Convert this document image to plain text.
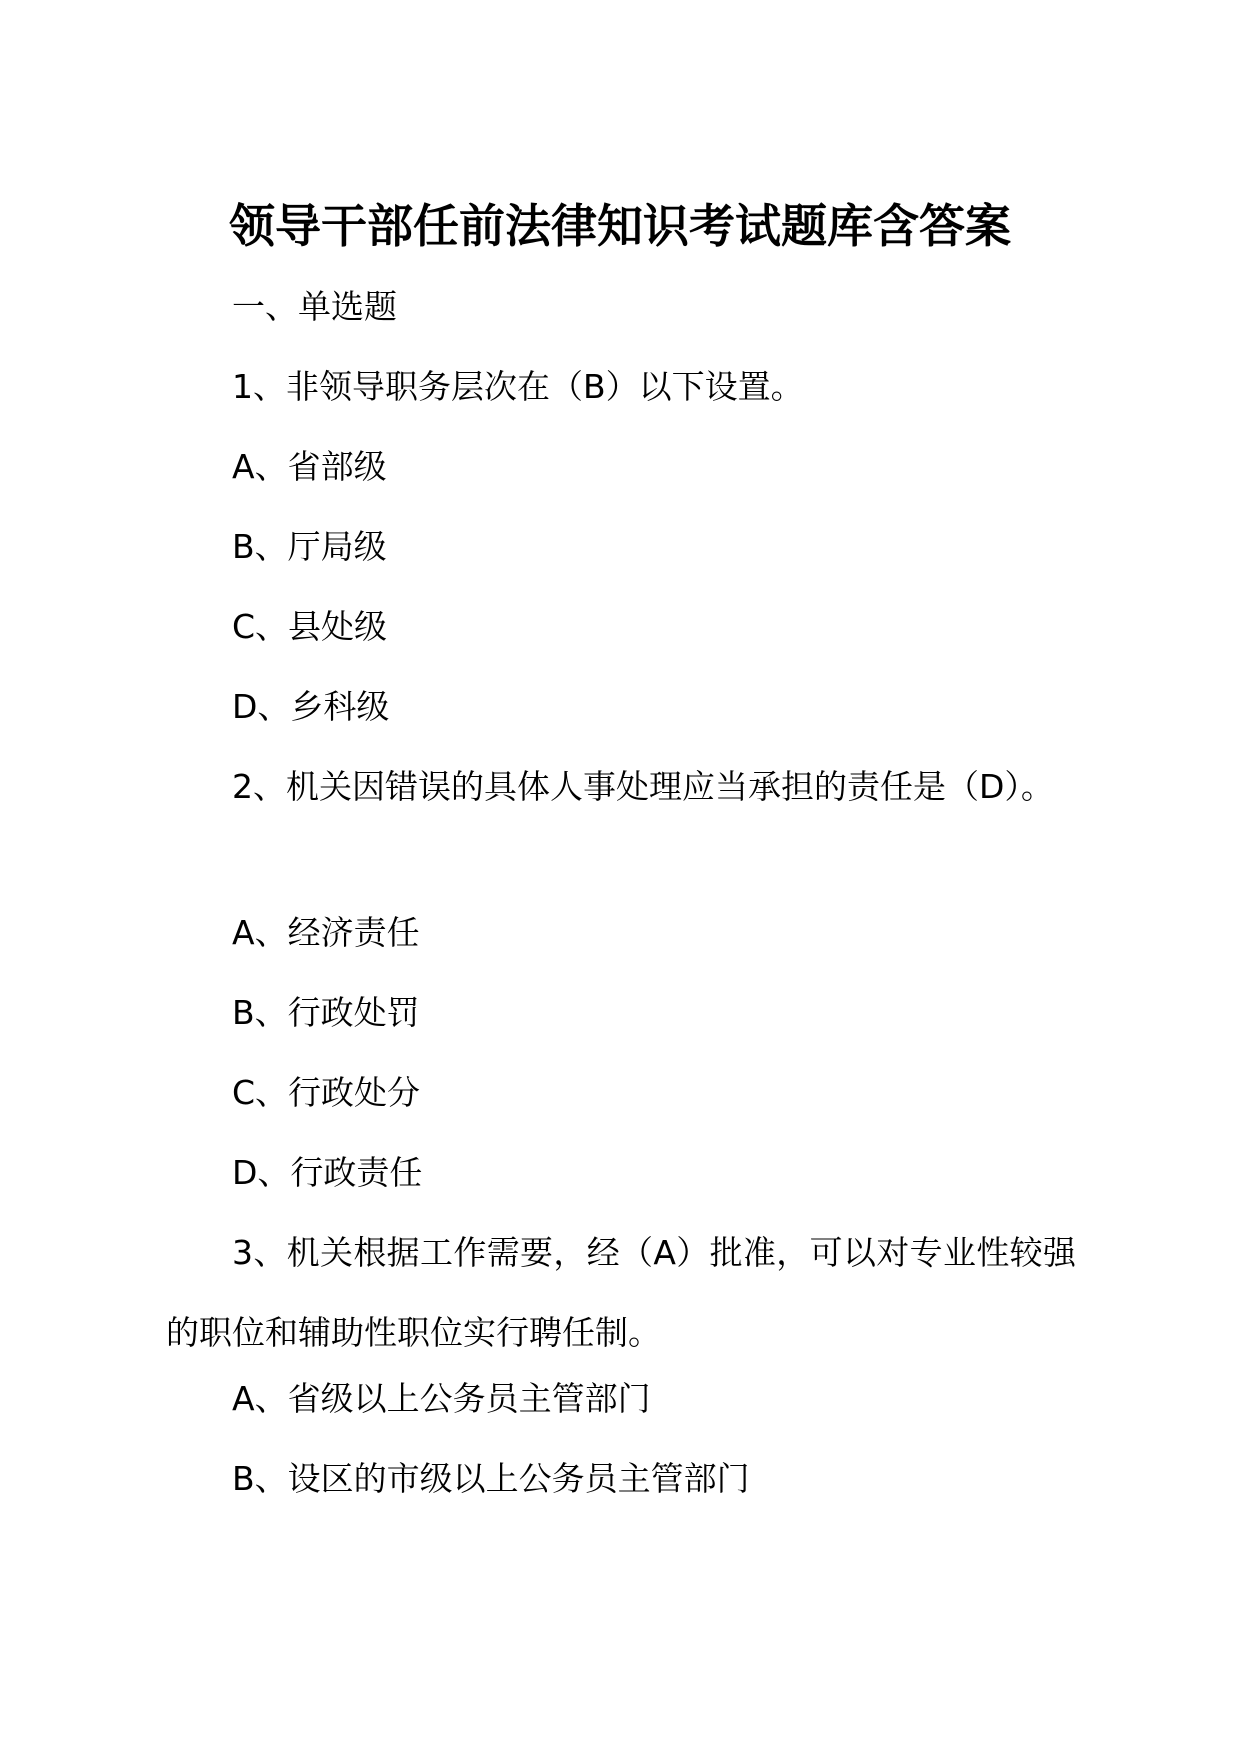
领导干部任前法律知识考试题库含答案
一、单选题
1、非领导职务层次在（B）以下设置。
A、省部级
B、厅局级
C、县处级
D、乡科级
2、机关因错误的具体人事处理应当承担的责任是（D）。
A、经济责任
B、行政处罚
C、行政处分
D、行政责任
3、机关根据工作需要，经（A）批准，可以对专业性较强的职位和辅助性职位实行聘任制。
A、省级以上公务员主管部门
B、设区的市级以上公务员主管部门
